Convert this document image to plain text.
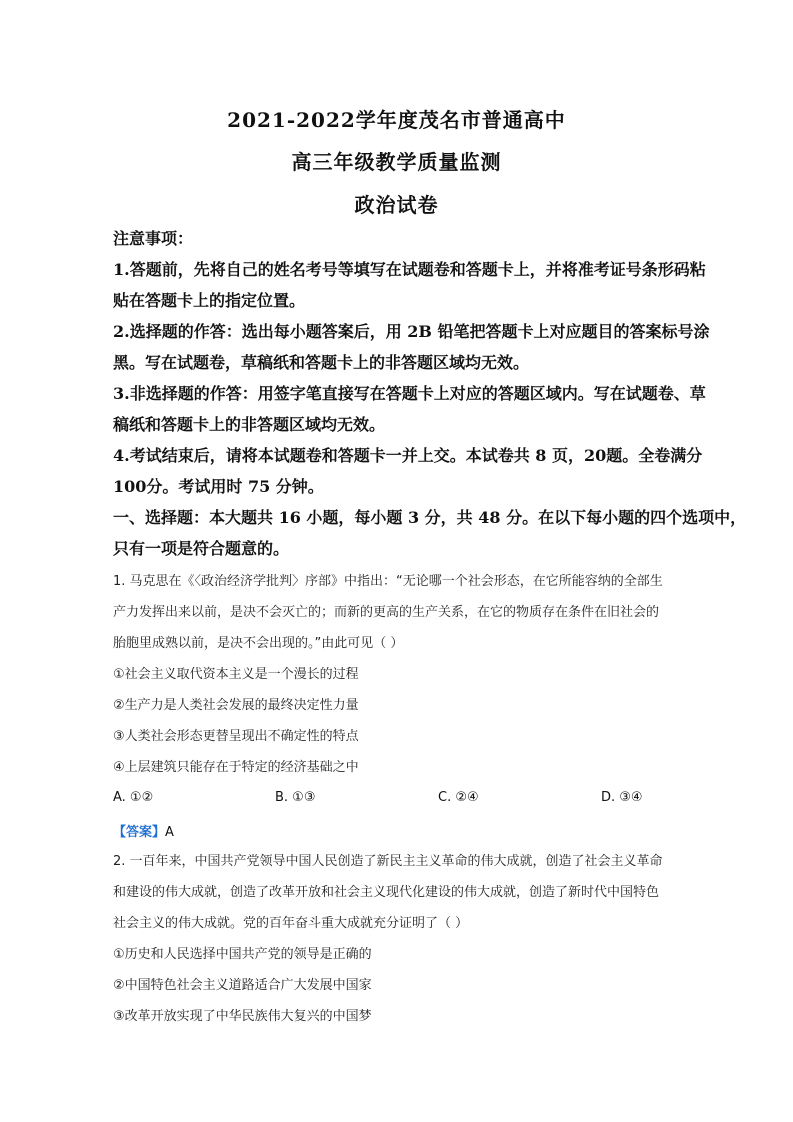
2021-2022学年度茂名市普通高中
高三年级教学质量监测
政治试卷
注意事项：
1.答题前，先将自己的姓名考号等填写在试题卷和答题卡上，并将准考证号条形码粘
贴在答题卡上的指定位置。
2.选择题的作答：选出每小题答案后，用 2B 铅笔把答题卡上对应题目的答案标号涂
黑。写在试题卷，草稿纸和答题卡上的非答题区域均无效。
3.非选择题的作答：用签字笔直接写在答题卡上对应的答题区域内。写在试题卷、草
稿纸和答题卡上的非答题区域均无效。
4.考试结束后，请将本试题卷和答题卡一并上交。本试卷共 8 页，20题。全卷满分
100分。考试用时 75 分钟。
一、选择题：本大题共 16 小题，每小题 3 分，共 48 分。在以下每小题的四个选项中，
只有一项是符合题意的。
1. 马克思在《〈政治经济学批判〉序部》中指出：“无论哪一个社会形态，在它所能容纳的全部生
产力发挥出来以前，是决不会灭亡的；而新的更高的生产关系，在它的物质存在条件在旧社会的
胎胞里成熟以前，是决不会出现的。”由此可见（ ）
①社会主义取代资本主义是一个漫长的过程
②生产力是人类社会发展的最终决定性力量
③人类社会形态更替呈现出不确定性的特点
④上层建筑只能存在于特定的经济基础之中
A. ①②	B. ①③	C. ②④	D. ③④
【答案】A
2. 一百年来，中国共产党领导中国人民创造了新民主主义革命的伟大成就，创造了社会主义革命
和建设的伟大成就，创造了改革开放和社会主义现代化建设的伟大成就，创造了新时代中国特色
社会主义的伟大成就。党的百年奋斗重大成就充分证明了（ ）
①历史和人民选择中国共产党的领导是正确的
②中国特色社会主义道路适合广大发展中国家
③改革开放实现了中华民族伟大复兴的中国梦
